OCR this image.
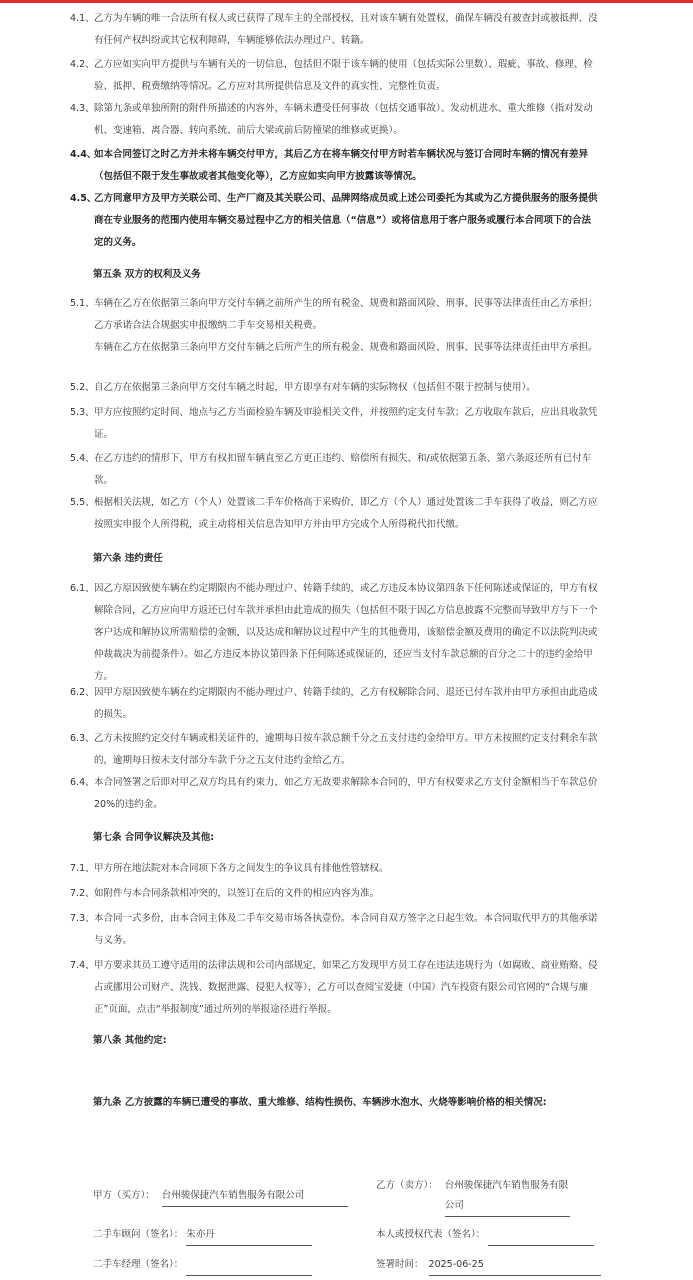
4.1、 乙方为车辆的唯一合法所有权人或已获得了现车主的全部授权，且对该车辆有处置权，确保车辆没有被查封或被抵押、没有任何产权纠纷或其它权利障碍，车辆能够依法办理过户、转籍。

4.2、 乙方应如实向甲方提供与车辆有关的一切信息，包括但不限于该车辆的使用（包括实际公里数）、瑕疵、事故、修理、检验、抵押、税费缴纳等情况。乙方应对其所提供信息及文件的真实性、完整性负责。

4.3、 除第九条或单独所附的附件所描述的内容外，车辆未遭受任何事故（包括交通事故）、发动机进水、重大维修（指对发动机、变速箱、离合器、转向系统、前后大梁或前后防撞梁的维修或更换）。

4.4、

如本合同签订之时乙方并未将车辆交付甲方，其后乙方在将车辆交付甲方时若车辆状况与签订合同时车辆的情况有差异（包括但不限于发生事故或者其他变化等），乙方应如实向甲方披露该等情况。

4.5、

乙方同意甲方及甲方关联公司、生产厂商及其关联公司、品牌网络成员或上述公司委托为其或为乙方提供服务的服务提供商在专业服务的范围内使用车辆交易过程中乙方的相关信息（“信息”）或将信息用于客户服务或履行本合同项下的合法定的义务。

第五条 双方的权利及义务
5.1、 车辆在乙方在依据第三条向甲方交付车辆之前所产生的所有税金、规费和路面风险、刑事、民事等法律责任由乙方承担；乙方承诺合法合规据实申报缴纳二手车交易相关税费。

车辆在乙方在依据第三条向甲方交付车辆之后所产生的所有税金、规费和路面风险、刑事、民事等法律责任由甲方承担。

5.2、 自乙方在依据第三条向甲方交付车辆之时起，甲方即享有对车辆的实际物权（包括但不限于控制与使用）。

5.3、 甲方应按照约定时间、地点与乙方当面检验车辆及审验相关文件，并按照约定支付车款；乙方收取车款后，应出具收款凭证。

5.4、 在乙方违约的情形下，甲方有权扣留车辆直至乙方更正违约、赔偿所有损失、和/或依据第五条、第六条返还所有已付车款。

5.5、 根据相关法规，如乙方（个人）处置该二手车价格高于采购价，即乙方（个人）通过处置该二手车获得了收益，则乙方应按照实申报个人所得税，或主动将相关信息告知甲方并由甲方完成个人所得税代扣代缴。

第六条 违约责任
6.1、 因乙方原因致使车辆在约定期限内不能办理过户、转籍手续的，或乙方违反本协议第四条下任何陈述或保证的，甲方有权解除合同，乙方应向甲方返还已付车款并承担由此造成的损失（包括但不限于因乙方信息披露不完整而导致甲方与下一个客户达成和解协议所需赔偿的金额，以及达成和解协议过程中产生的其他费用，该赔偿金额及费用的确定不以法院判决或仲裁裁决为前提条件）。如乙方违反本协议第四条下任何陈述或保证的，还应当支付车款总额的百分之二十的违约金给甲方。

6.2、 因甲方原因致使车辆在约定期限内不能办理过户、转籍手续的，乙方有权解除合同、退还已付车款并由甲方承担由此造成的损失。

6.3、 乙方未按照约定交付车辆或相关证件的，逾期每日按车款总额千分之五支付违约金给甲方。甲方未按照约定支付剩余车款的，逾期每日按未支付部分车款千分之五支付违约金给乙方。

6.4、 本合同签署之后即对甲乙双方均具有约束力，如乙方无故要求解除本合同的，甲方有权要求乙方支付金额相当于车款总价20%的违约金。

第七条 合同争议解决及其他:
7.1、 甲方所在地法院对本合同项下各方之间发生的争议具有排他性管辖权。

7.2、 如附件与本合同条款相冲突的，以签订在后的文件的相应内容为准。

7.3、 本合同一式多份，由本合同主体及二手车交易市场各执壹份。本合同自双方签字之日起生效。本合同取代甲方的其他承诺与义务。

7.4、 甲方要求其员工遵守适用的法律法规和公司内部规定，如果乙方发现甲方员工存在违法违规行为（如腐败、商业贿赂、侵占或挪用公司财产、洗钱、数据泄露、侵犯人权等），乙方可以查阅宝爱捷（中国）汽车投资有限公司官网的“合规与廉正”页面，点击“举报制度”通过所列的举报途径进行举报。

第八条 其他约定:
第九条 乙方披露的车辆已遭受的事故、重大维修、结构性损伤、车辆涉水泡水、火烧等影响价格的相关情况:
甲方（买方）： 台州骏保捷汽车销售服务有限公司
乙方（卖方）： 台州骏保捷汽车销售服务有限公司
二手车顾问（签名）： 朱亦丹	本人或授权代表（签名）：
二手车经理（签名）：	签署时间： 2025-06-25
